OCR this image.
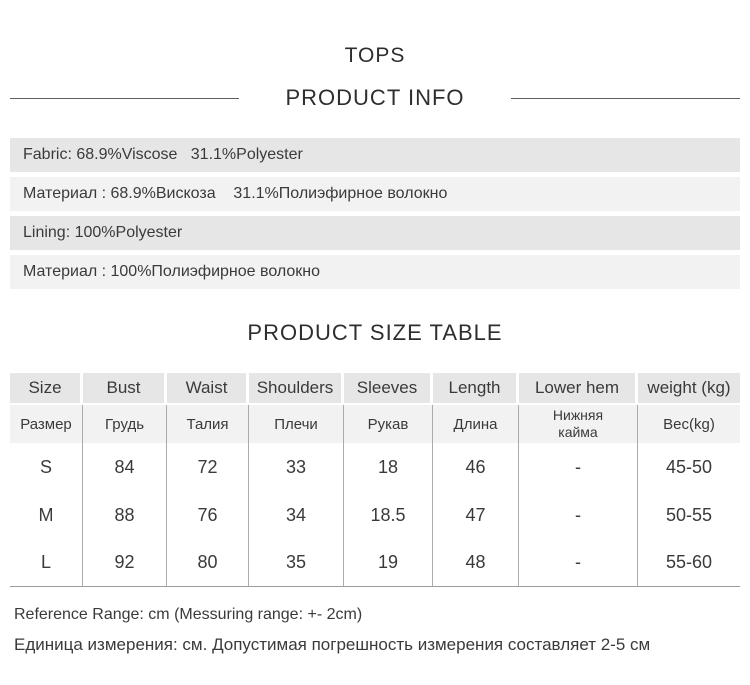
TOPS
PRODUCT INFO
Fabric: 68.9%Viscose   31.1%Polyester
Материал : 68.9%Вискоза    31.1%Полиэфирное волокно
Lining: 100%Polyester
Материал : 100%Полиэфирное волокно
PRODUCT SIZE TABLE
Size	Bust	Waist	Shoulders	Sleeves	Length	Lower hem	weight (kg)
Размер	Грудь	Талия	Плечи	Рукав	Длина	Нижняя кайма	Вес(kg)
S	84	72	33	18	46	-	45-50
M	88	76	34	18.5	47	-	50-55
L	92	80	35	19	48	-	55-60
Reference Range: cm (Messuring range: +- 2cm)
Единица измерения: см. Допустимая погрешность измерения составляет 2-5 см
